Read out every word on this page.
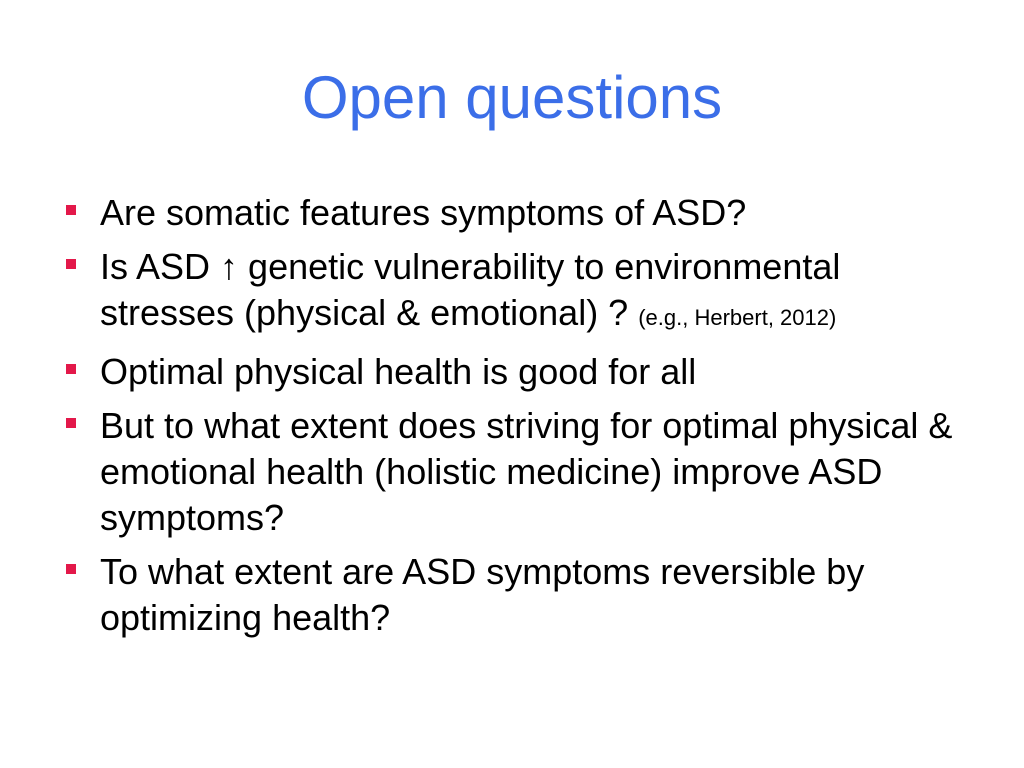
Open questions
Are somatic features symptoms of ASD?
Is ASD ↑ genetic vulnerability to environmental stresses (physical & emotional) ? (e.g., Herbert, 2012)
Optimal physical health is good for all
But to what extent does striving for optimal physical & emotional health (holistic medicine) improve ASD symptoms?
To what extent are ASD symptoms reversible by optimizing health?
